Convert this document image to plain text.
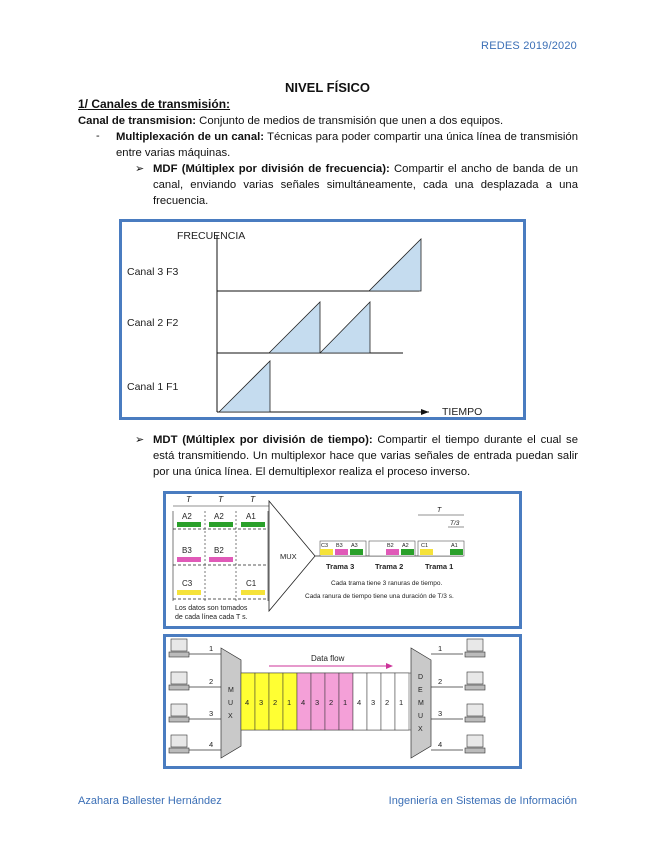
REDES 2019/2020
NIVEL FÍSICO
1/ Canales de transmisión:
Canal de transmision: Conjunto de medios de transmisión que unen a dos equipos.
- Multiplexación de un canal: Técnicas para poder compartir una única línea de transmisión entre varias máquinas.
➢ MDF (Múltiplex por división de frecuencia): Compartir el ancho de banda de un canal, enviando varias señales simultáneamente, cada una desplazada a una frecuencia.
FRECUENCIA
TIEMPO
Canal 3 F3
Canal 2 F2
Canal 1 F1
➢ MDT (Múltiplex por división de tiempo): Compartir el tiempo durante el cual se está transmitiendo. Un multiplexor hace que varias señales de entrada puedan salir por una única línea. El demultiplexor realiza el proceso inverso.
T	T	T
A2	A2	A1
B3	B2
C3	C1
Los datos son tomados
de cada línea cada T s.
MUX
C3 B3 A3	B2 A2 C1	A1
T
T/3
Trama 3	Trama 2	Trama 1
Cada trama tiene 3 ranuras de tiempo.
Cada ranura de tiempo tiene una duración de T/3 s.
1
2
3
4
M
U
X
4 3 2 1 4 3 2 1 4 3 2 1
Data flow
D
E
M
U
X
1
2
3
4
Azahara Ballester Hernández	Ingeniería en Sistemas de Información
